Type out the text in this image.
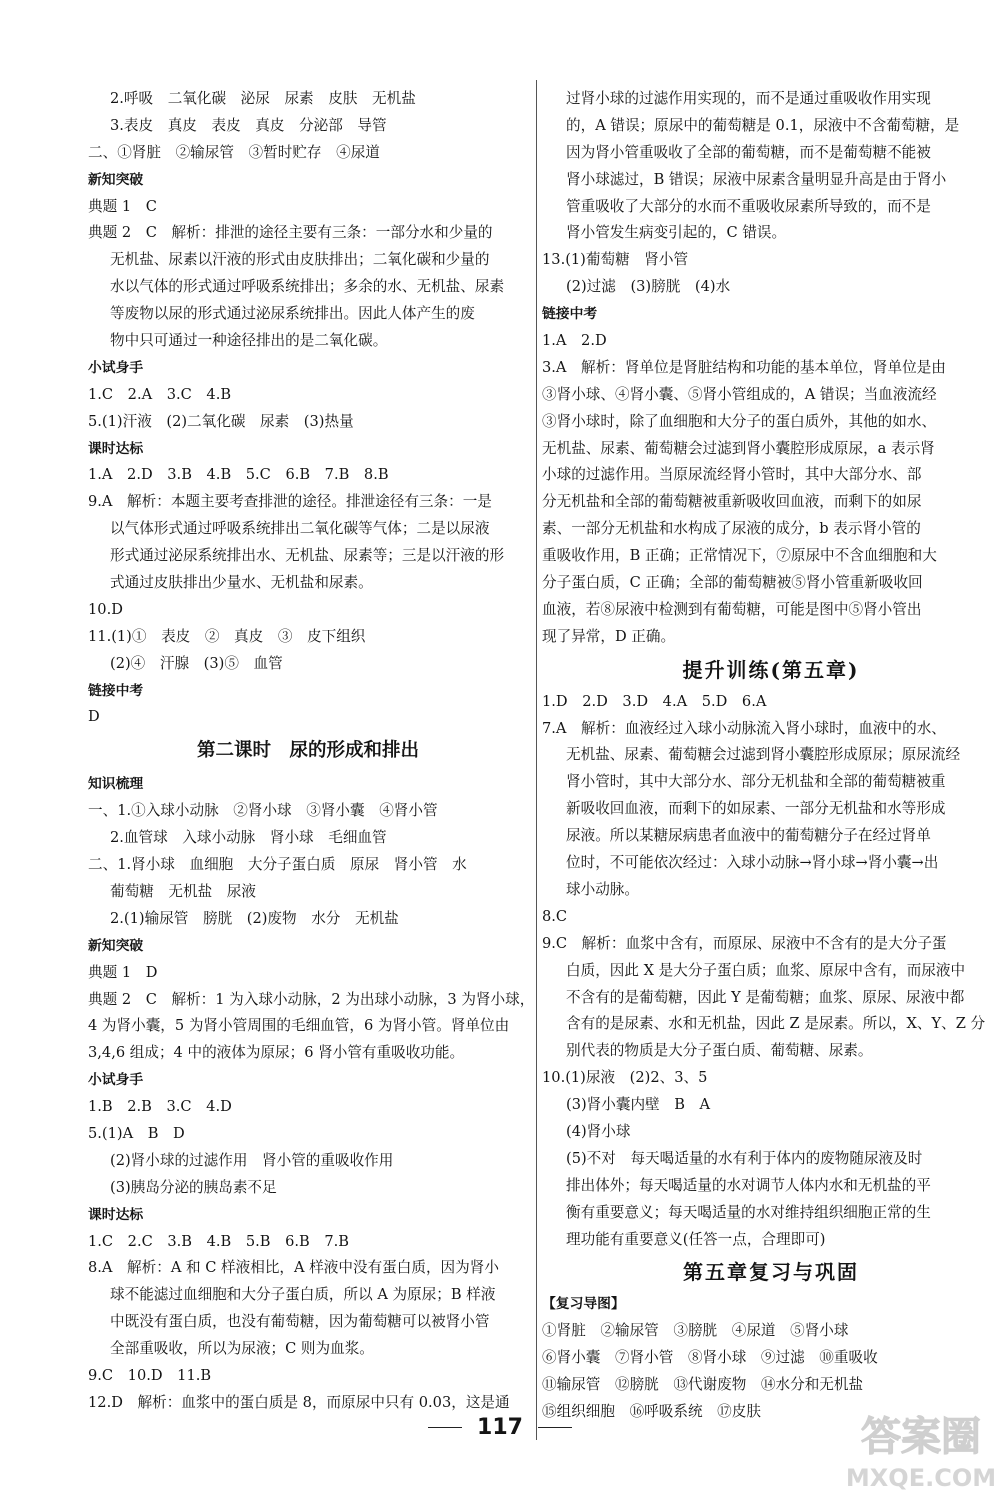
2.呼吸　二氧化碳　泌尿　尿素　皮肤　无机盐
3.表皮　真皮　表皮　真皮　分泌部　导管
二、①肾脏　②输尿管　③暂时贮存　④尿道
新知突破
典题 1　C
典题 2　C　解析：排泄的途径主要有三条：一部分水和少量的
无机盐、尿素以汗液的形式由皮肤排出；二氧化碳和少量的
水以气体的形式通过呼吸系统排出；多余的水、无机盐、尿素
等废物以尿的形式通过泌尿系统排出。因此人体产生的废
物中只可通过一种途径排出的是二氧化碳。
小试身手
1.C　2.A　3.C　4.B
5.(1)汗液　(2)二氧化碳　尿素　(3)热量
课时达标
1.A　2.D　3.B　4.B　5.C　6.B　7.B　8.B
9.A　解析：本题主要考查排泄的途径。排泄途径有三条：一是
以气体形式通过呼吸系统排出二氧化碳等气体；二是以尿液
形式通过泌尿系统排出水、无机盐、尿素等；三是以汗液的形
式通过皮肤排出少量水、无机盐和尿素。
10.D
11.(1)①　表皮　②　真皮　③　皮下组织
(2)④　汗腺　(3)⑤　血管
链接中考
D
第二课时　尿的形成和排出
知识梳理
一、1.①入球小动脉　②肾小球　③肾小囊　④肾小管
2.血管球　入球小动脉　肾小球　毛细血管
二、1.肾小球　血细胞　大分子蛋白质　原尿　肾小管　水
葡萄糖　无机盐　尿液
2.(1)输尿管　膀胱　(2)废物　水分　无机盐
新知突破
典题 1　D
典题 2　C　解析：1 为入球小动脉，2 为出球小动脉，3 为肾小球，
4 为肾小囊，5 为肾小管周围的毛细血管，6 为肾小管。肾单位由
3,4,6 组成；4 中的液体为原尿；6 肾小管有重吸收功能。
小试身手
1.B　2.B　3.C　4.D
5.(1)A　B　D
(2)肾小球的过滤作用　肾小管的重吸收作用
(3)胰岛分泌的胰岛素不足
课时达标
1.C　2.C　3.B　4.B　5.B　6.B　7.B
8.A　解析：A 和 C 样液相比，A 样液中没有蛋白质，因为肾小
球不能滤过血细胞和大分子蛋白质，所以 A 为原尿；B 样液
中既没有蛋白质，也没有葡萄糖，因为葡萄糖可以被肾小管
全部重吸收，所以为尿液；C 则为血浆。
9.C　10.D　11.B
12.D　解析：血浆中的蛋白质是 8，而原尿中只有 0.03，这是通
过肾小球的过滤作用实现的，而不是通过重吸收作用实现
的，A 错误；原尿中的葡萄糖是 0.1，尿液中不含葡萄糖，是
因为肾小管重吸收了全部的葡萄糖，而不是葡萄糖不能被
肾小球滤过，B 错误；尿液中尿素含量明显升高是由于肾小
管重吸收了大部分的水而不重吸收尿素所导致的，而不是
肾小管发生病变引起的，C 错误。
13.(1)葡萄糖　肾小管
(2)过滤　(3)膀胱　(4)水
链接中考
1.A　2.D
3.A　解析：肾单位是肾脏结构和功能的基本单位，肾单位是由
③肾小球、④肾小囊、⑤肾小管组成的，A 错误；当血液流经
③肾小球时，除了血细胞和大分子的蛋白质外，其他的如水、
无机盐、尿素、葡萄糖会过滤到肾小囊腔形成原尿，a 表示肾
小球的过滤作用。当原尿流经肾小管时，其中大部分水、部
分无机盐和全部的葡萄糖被重新吸收回血液，而剩下的如尿
素、一部分无机盐和水构成了尿液的成分，b 表示肾小管的
重吸收作用，B 正确；正常情况下，⑦原尿中不含血细胞和大
分子蛋白质，C 正确；全部的葡萄糖被⑤肾小管重新吸收回
血液，若⑧尿液中检测到有葡萄糖，可能是图中⑤肾小管出
现了异常，D 正确。
提升训练(第五章)
1.D　2.D　3.D　4.A　5.D　6.A
7.A　解析：血液经过入球小动脉流入肾小球时，血液中的水、
无机盐、尿素、葡萄糖会过滤到肾小囊腔形成原尿；原尿流经
肾小管时，其中大部分水、部分无机盐和全部的葡萄糖被重
新吸收回血液，而剩下的如尿素、一部分无机盐和水等形成
尿液。所以某糖尿病患者血液中的葡萄糖分子在经过肾单
位时，不可能依次经过：入球小动脉→肾小球→肾小囊→出
球小动脉。
8.C
9.C　解析：血浆中含有，而原尿、尿液中不含有的是大分子蛋
白质，因此 X 是大分子蛋白质；血浆、原尿中含有，而尿液中
不含有的是葡萄糖，因此 Y 是葡萄糖；血浆、原尿、尿液中都
含有的是尿素、水和无机盐，因此 Z 是尿素。所以，X、Y、Z 分
别代表的物质是大分子蛋白质、葡萄糖、尿素。
10.(1)尿液　(2)2、3、5
(3)肾小囊内壁　B　A
(4)肾小球
(5)不对　每天喝适量的水有利于体内的废物随尿液及时
排出体外；每天喝适量的水对调节人体内水和无机盐的平
衡有重要意义；每天喝适量的水对维持组织细胞正常的生
理功能有重要意义(任答一点，合理即可)
第五章复习与巩固
【复习导图】
①肾脏　②输尿管　③膀胱　④尿道　⑤肾小球
⑥肾小囊　⑦肾小管　⑧肾小球　⑨过滤　⑩重吸收
⑪输尿管　⑫膀胱　⑬代谢废物　⑭水分和无机盐
⑮组织细胞　⑯呼吸系统　⑰皮肤
117	答案圈
MXQE.COM
